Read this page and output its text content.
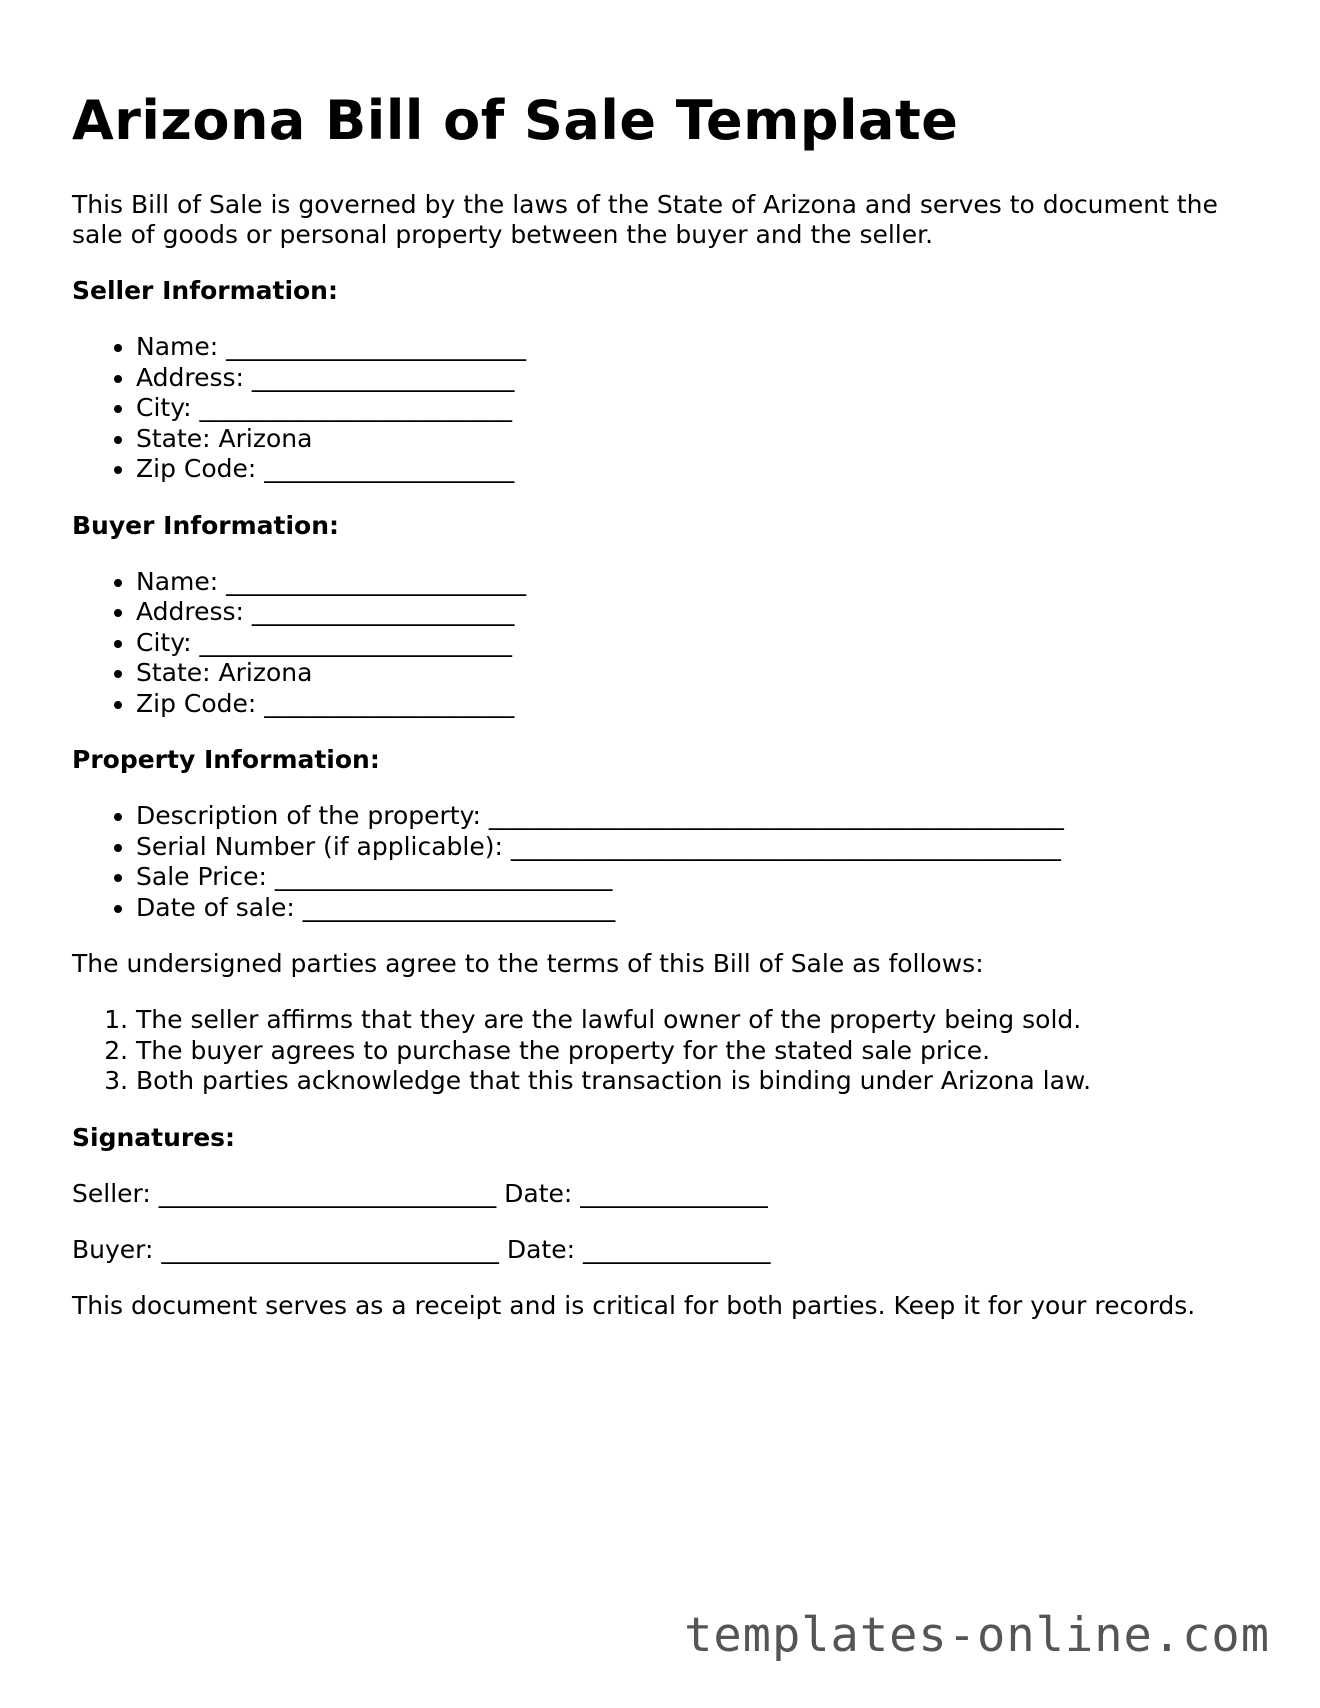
Arizona Bill of Sale Template

This Bill of Sale is governed by the laws of the State of Arizona and serves to document the sale of goods or personal property between the buyer and the seller.

Seller Information:
• Name: ________________________
• Address: _____________________
• City: _________________________
• State: Arizona
• Zip Code: ____________________
Buyer Information:
• Name: ________________________
• Address: _____________________
• City: _________________________
• State: Arizona
• Zip Code: ____________________
Property Information:
• Description of the property: ______________________________________________
• Serial Number (if applicable): ____________________________________________
• Sale Price: ___________________________
• Date of sale: _________________________

The undersigned parties agree to the terms of this Bill of Sale as follows:

1. The seller affirms that they are the lawful owner of the property being sold.
2. The buyer agrees to purchase the property for the stated sale price.
3. Both parties acknowledge that this transaction is binding under Arizona law.
Signatures:
Seller: ___________________________ Date: _______________
Buyer: ___________________________ Date: _______________

This document serves as a receipt and is critical for both parties. Keep it for your records.

templates-online.com
